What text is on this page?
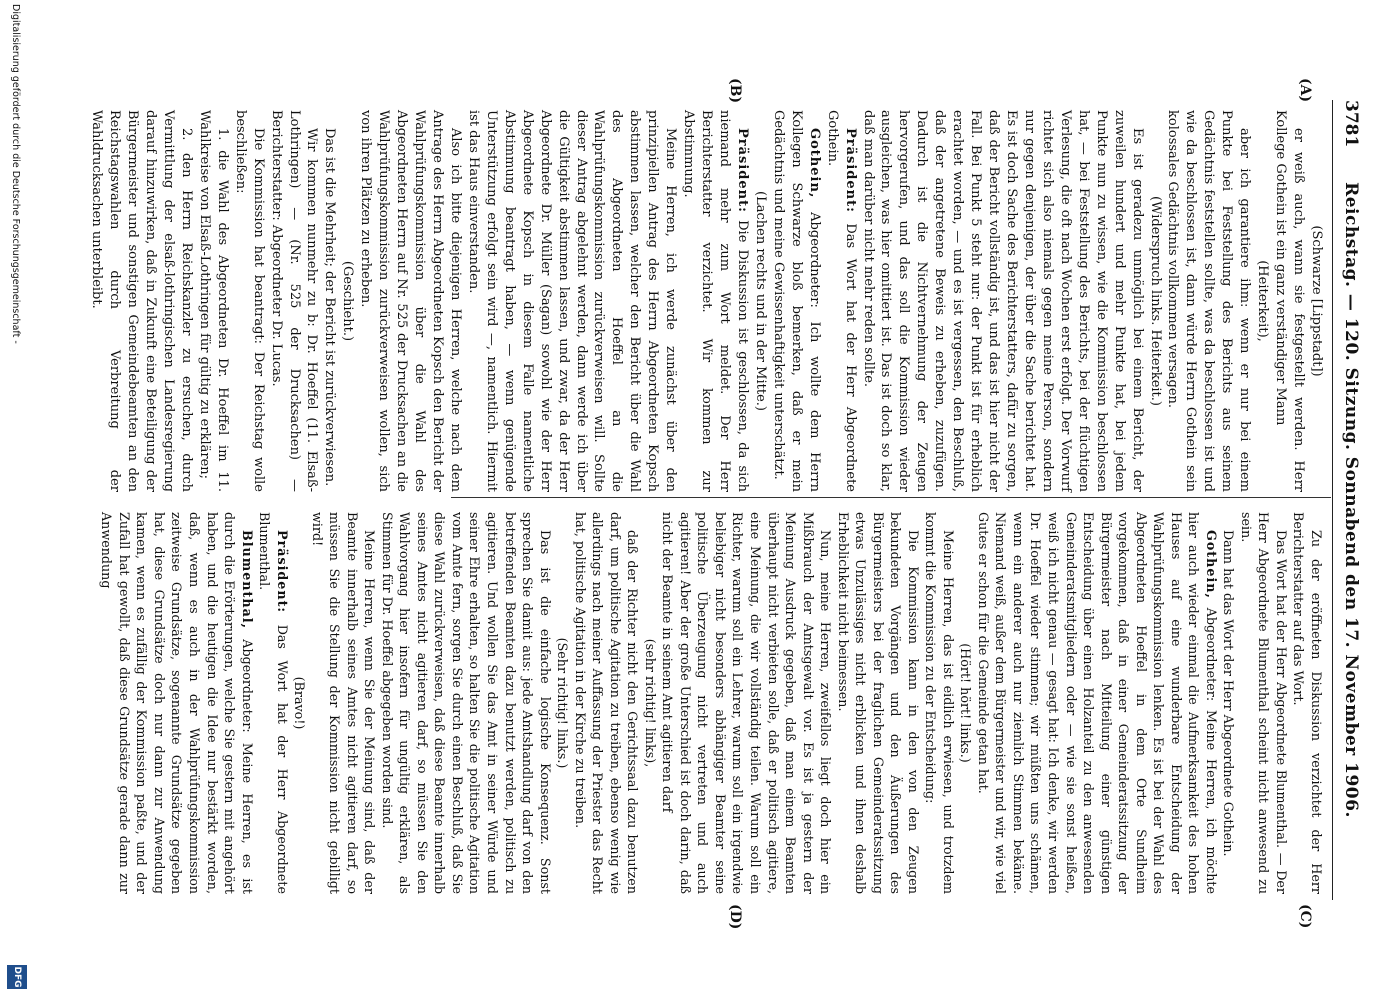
3781
Reichstag. — 120. Sitzung. Sonnabend den 17. November 1906.
(A)
(B)
(C)
(D)

(Schwarze [Lippstadt])

er weiß auch, wann sie festgestellt werden. Herr Kollege Gothein ist ein ganz verständiger Mann

(Heiterkeit),

aber ich garantiere ihm: wenn er nur bei einem Punkte bei Feststellung des Berichts aus seinem Gedächtnis feststellen sollte, was da beschlossen ist und wie da beschlossen ist, dann würde Herrn Gothein sein kolossales Gedächtnis vollkommen versagen.

(Widerspruch links. Heiterkeit.)

Es ist geradezu unmöglich bei einem Bericht, der zuweilen hundert und mehr Punkte hat, bei jedem Punkte nun zu wissen, wie die Kommission beschlossen hat, — bei Feststellung des Berichts, bei der flüchtigen Verlesung, die oft nach Wochen erst erfolgt. Der Vorwurf richtet sich also niemals gegen meine Person, sondern nur gegen denjenigen, der über die Sache berichtet hat. Es ist doch Sache des Berichterstatters, dafür zu sorgen, daß der Bericht vollständig ist, und das ist hier nicht der Fall. Bei Punkt 5 steht nur: der Punkt ist für erheblich erachtet worden, — und es ist vergessen, den Beschluß, daß der angetretene Beweis zu erheben, zuzufügen. Dadurch ist die Nichtvernehmung der Zeugen hervorgerufen, und das soll die Kommission wieder ausgleichen, was hier omittiert ist. Das ist doch so klar, daß man darüber nicht mehr reden sollte.

Präsident: Das Wort hat der Herr Abgeordnete Gothein.

Gothein, Abgeordneter: Ich wollte dem Herrn Kollegen Schwarze bloß bemerken, daß er mein Gedächtnis und meine Gewissenhaftigkeit unterschätzt.

(Lachen rechts und in der Mitte.)

Präsident: Die Diskussion ist geschlossen, da sich niemand mehr zum Wort meldet. Der Herr Berichterstatter verzichtet. Wir kommen zur Abstimmung.

Meine Herren, ich werde zunächst über den prinzipiellen Antrag des Herrn Abgeordneten Kopsch abstimmen lassen, welcher den Bericht über die Wahl des Abgeordneten Hoeffel an die Wahlprüfungskommission zurückverweisen will. Sollte dieser Antrag abgelehnt werden, dann werde ich über die Gültigkeit abstimmen lassen, und zwar, da der Herr Abgeordnete Dr. Müller (Sagan) sowohl wie der Herr Abgeordnete Kopsch in diesem Falle namentliche Abstimmung beantragt haben, — wenn genügende Unterstützung erfolgt sein wird —, namentlich. Hiermit ist das Haus einverstanden.

Also ich bitte diejenigen Herren, welche nach dem Antrage des Herrn Abgeordneten Kopsch den Bericht der Wahlprüfungskommission über die Wahl des Abgeordneten Herrn auf Nr. 525 der Drucksachen an die Wahlprüfungskommission zurückverweisen wollen, sich von ihren Plätzen zu erheben.

(Geschieht.)

Das ist die Mehrheit; der Bericht ist zurückverwiesen.

Wir kommen nunmehr zu b: Dr. Hoeffel (11. Elsaß-Lothringen) — (Nr. 525 der Drucksachen) — Berichterstatter: Abgeordneter Dr. Lucas.

Die Kommission hat beantragt: Der Reichstag wolle beschließen:

1. die Wahl des Abgeordneten Dr. Hoeffel im 11. Wahlkreise von Elsaß-Lothringen für gültig zu erklären;

2. den Herrn Reichskanzler zu ersuchen, durch Vermittlung der elsaß-lothringischen Landesregierung darauf hinzuwirken, daß in Zukunft eine Beteiligung der Bürgermeister und sonstigen Gemeindebeamten an den Reichstagswahlen durch Verbreitung der Wahldrucksachen unterbleibt.

Zu der eröffneten Diskussion verzichtet der Herr Berichterstatter auf das Wort.

Das Wort hat der Herr Abgeordnete Blumenthal. — Der Herr Abgeordnete Blumenthal scheint nicht anwesend zu sein.

Dann hat das Wort der Herr Abgeordnete Gothein.

Gothein, Abgeordneter: Meine Herren, ich möchte hier auch wieder einmal die Aufmerksamkeit des hohen Hauses auf eine wunderbare Entscheidung der Wahlprüfungskommission lenken. Es ist bei der Wahl des Abgeordneten Hoeffel in dem Orte Sundheim vorgekommen, daß in einer Gemeinderatssitzung der Bürgermeister nach Mitteilung einer günstigen Entscheidung über einen Holzanteil zu den anwesenden Gemeinderatsmitgliedern oder — wie sie sonst heißen, weiß ich nicht genau — gesagt hat: Ich denke, wir werden Dr. Hoeffel wieder stimmen; wir müßten uns schämen, wenn ein anderer auch nur ziemlich Stimmen bekäme. Niemand weiß, außer dem Bürgermeister und wir, wie viel Gutes er schon für die Gemeinde getan hat.

(Hört! hört! links.)

Meine Herren, das ist eidlich erwiesen, und trotzdem kommt die Kommission zu der Entscheidung:

Die Kommission kann in den von den Zeugen bekundeten Vorgängen und den Äußerungen des Bürgermeisters bei der fraglichen Gemeinderatssitzung etwas Unzulässiges nicht erblicken und ihnen deshalb Erheblichkeit nicht beimessen.

Nun, meine Herren, zweifellos liegt doch hier ein Mißbrauch der Amtsgewalt vor. Es ist ja gestern der Meinung Ausdruck gegeben, daß man einem Beamten überhaupt nicht verbieten solle, daß er politisch agitiere, eine Meinung, die wir vollständig teilen. Warum soll ein Richter, warum soll ein Lehrer, warum soll ein irgendwie beliebiger nicht besonders abhängiger Beamter seine politische Überzeugung nicht vertreten und auch agitieren! Aber der große Unterschied ist doch darin, daß nicht der Beamte in seinem Amt agitieren darf

(sehr richtig! links),

daß der Richter nicht den Gerichtssaal dazu benutzen darf, um politische Agitation zu treiben, ebenso wenig wie allerdings nach meiner Auffassung der Priester das Recht hat, politische Agitation in der Kirche zu treiben.

(Sehr richtig! links.)

Das ist die einfache logische Konsequenz. Sonst sprechen Sie damit aus: jede Amtshandlung darf von den betreffenden Beamten dazu benutzt werden, politisch zu agitieren. Und wollen Sie das Amt in seiner Würde und seiner Ehre erhalten, so halten Sie die politische Agitation vom Amte fern, sorgen Sie durch einen Beschluß, daß Sie diese Wahl zurückverweisen, daß diese Beamte innerhalb seines Amtes nicht agitieren darf, so müssen Sie den Wahlvorgang hier insofern für ungültig erklären, als Stimmen für Dr. Hoeffel abgegeben worden sind.

Meine Herren, wenn Sie der Meinung sind, daß der Beamte innerhalb seines Amtes nicht agitieren darf, so müssen Sie die Stellung der Kommission nicht gebilligt wird!

(Bravo!)

Präsident: Das Wort hat der Herr Abgeordnete Blumenthal.

Blumenthal, Abgeordneter: Meine Herren, es ist durch die Erörterungen, welche Sie gestern mit angehört haben, und die heutigen die Idee nur bestärkt worden, daß, wenn es auch in der Wahlprüfungskommission zeitweise Grundsätze, sogenannte Grundsätze gegeben hat, diese Grundsätze doch nur dann zur Anwendung kamen, wenn es zufällig der Kommission paßte, und der Zufall hat gewollt, daß diese Grundsätze gerade dann zur Anwendung

Digitalisierung gefördert durch die Deutsche Forschungsgemeinschaft -
DFG
